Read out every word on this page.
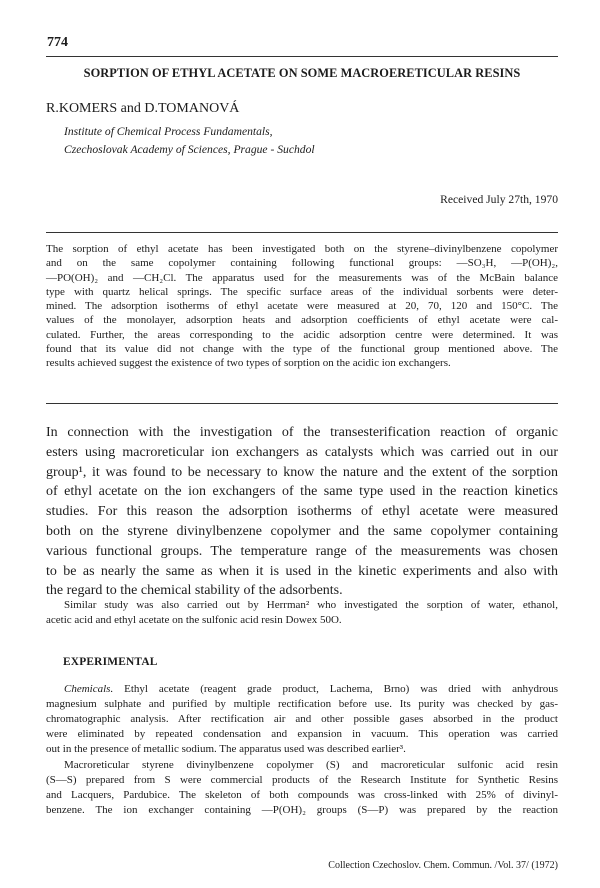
774

SORPTION OF ETHYL ACETATE ON SOME MACROERETICULAR RESINS

R.KOMERS and D.TOMANOVÁ

Institute of Chemical Process Fundamentals,

Czechoslovak Academy of Sciences, Prague - Suchdol

Received July 27th, 1970

The sorption of ethyl acetate has been investigated both on the styrene–divinylbenzene copolymer
and on the same copolymer containing following functional groups: —SO₃H, —P(OH)₂,
—PO(OH)₂ and —CH₂Cl. The apparatus used for the measurements was of the McBain balance
type with quartz helical springs. The specific surface areas of the individual sorbents were deter-
mined. The adsorption isotherms of ethyl acetate were measured at 20, 70, 120 and 150°C. The
values of the monolayer, adsorption heats and adsorption coefficients of ethyl acetate were cal-
culated. Further, the areas corresponding to the acidic adsorption centre were determined. It was
found that its value did not change with the type of the functional group mentioned above. The
results achieved suggest the existence of two types of sorption on the acidic ion exchangers.
In connection with the investigation of the transesterification reaction of organic
esters using macroreticular ion exchangers as catalysts which was carried out in our
group¹, it was found to be necessary to know the nature and the extent of the sorption
of ethyl acetate on the ion exchangers of the same type used in the reaction kinetics
studies. For this reason the adsorption isotherms of ethyl acetate were measured
both on the styrene divinylbenzene copolymer and the same copolymer containing
various functional groups. The temperature range of the measurements was chosen
to be as nearly the same as when it is used in the kinetic experiments and also with
the regard to the chemical stability of the adsorbents.
Similar study was also carried out by Herrman² who investigated the sorption of water, ethanol,
acetic acid and ethyl acetate on the sulfonic acid resin Dowex 50O.
EXPERIMENTAL
Chemicals. Ethyl acetate (reagent grade product, Lachema, Brno) was dried with anhydrous
magnesium sulphate and purified by multiple rectification before use. Its purity was checked by gas-
chromatographic analysis. After rectification air and other possible gases absorbed in the product
were eliminated by repeated condensation and expansion in vacuum. This operation was carried
out in the presence of metallic sodium. The apparatus used was described earlier³.
Macroreticular styrene divinylbenzene copolymer (S) and macroreticular sulfonic acid resin
(S—S) prepared from S were commercial products of the Research Institute for Synthetic Resins
and Lacquers, Pardubice. The skeleton of both compounds was cross-linked with 25% of divinyl-
benzene. The ion exchanger containing —P(OH)₂ groups (S—P) was prepared by the reaction

Collection Czechoslov. Chem. Commun. /Vol. 37/ (1972)
